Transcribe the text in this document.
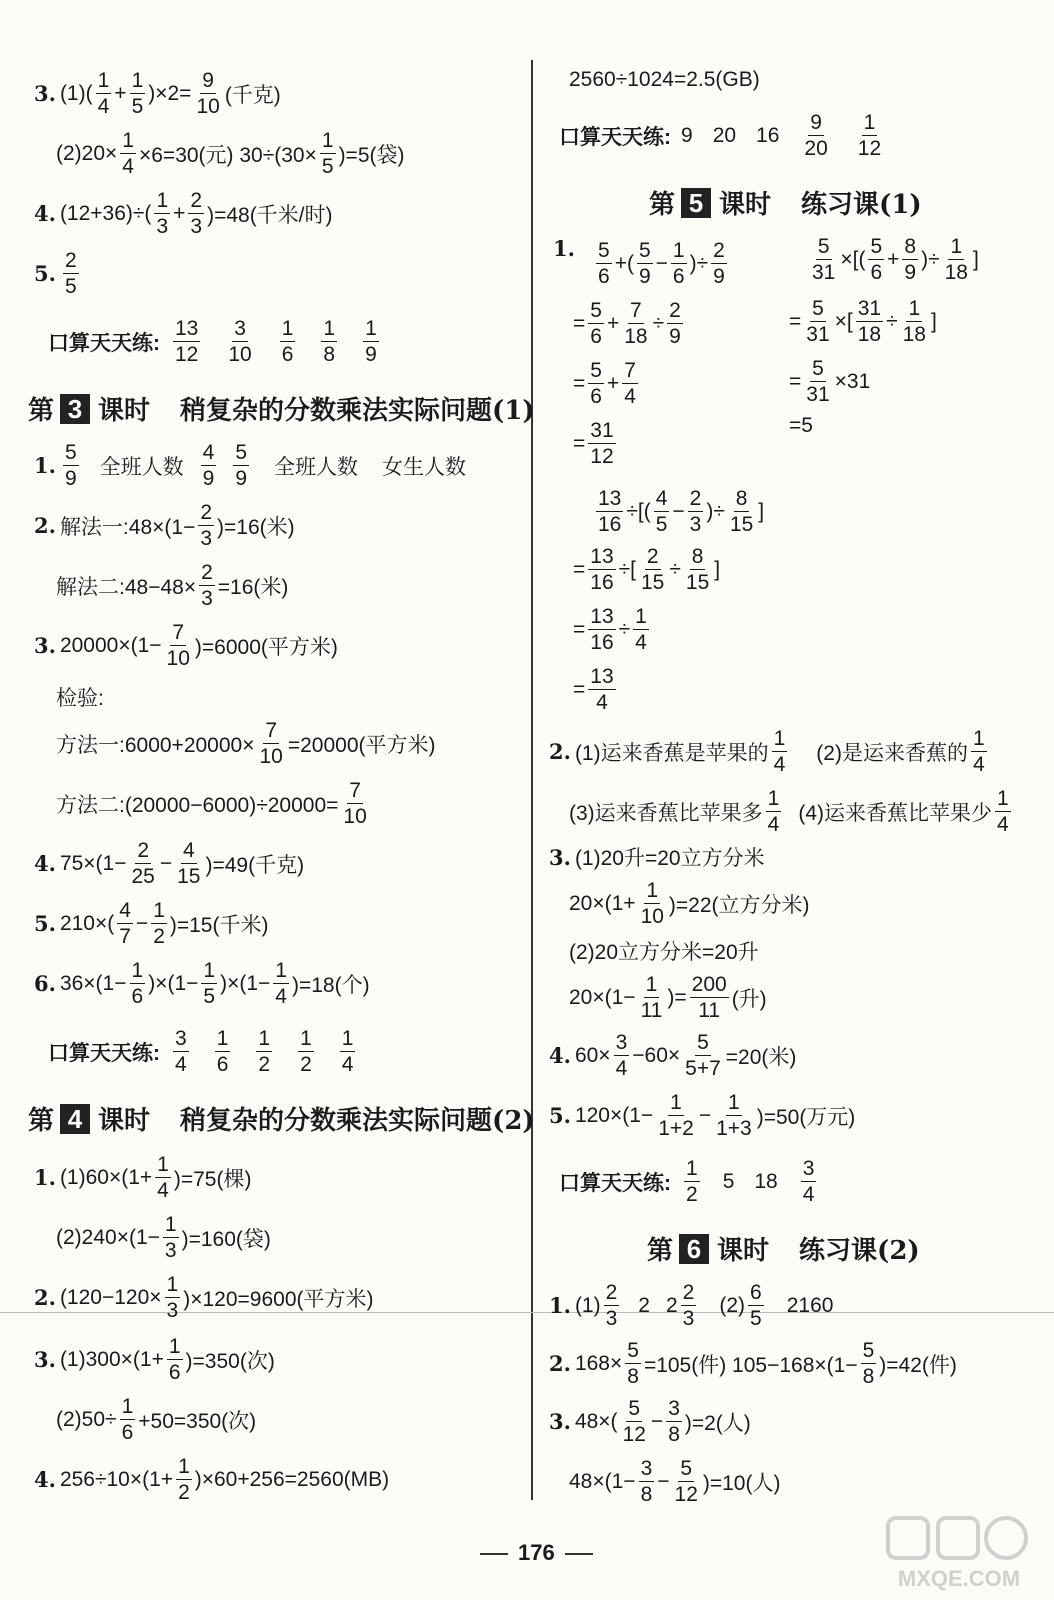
3. $(1)( \frac{1}{4} + \frac{1}{5} )\times 2= \frac{9}{10}$ (千克)
$(2)20\times \frac{1}{4} \times 6=30$(元) $30\div(30\times \frac{1}{5} )=5$(袋)
4. $(12+36)\div( \frac{1}{3} + \frac{2}{3} )=48$(千米/时)
5. $\frac{2}{5}$
口算天天练: $\frac{13}{12} \frac{3}{10} \frac{1}{6} \frac{1}{8} \frac{1}{9}$
第 3 课时 稍复杂的分数乘法实际问题(1)
1. $\frac{5}{9}$ 全班人数 $\frac{4}{9} \frac{5}{9}$ 全班人数 女生人数
2. 解法一:48×(1− $\frac{2}{3} )=16$(米)
解法二:48−48× $\frac{2}{3} =16$(米)
3. $20000\times(1- \frac{7}{10} )=6000$(平方米)
检验:
方法一:6000+20000× $\frac{7}{10} =20000$(平方米)
方法二:(20000−6000)÷20000= $\frac{7}{10}$
4. $75\times(1- \frac{2}{25} - \frac{4}{15} )=49$(千克)
5. $210\times( \frac{4}{7} - \frac{1}{2} )=15$(千米)
6. $36\times(1- \frac{1}{6} )\times(1- \frac{1}{5} )\times(1- \frac{1}{4} )=18$(个)
口算天天练: $\frac{3}{4} \frac{1}{6} \frac{1}{2} \frac{1}{2} \frac{1}{4}$
第 4 课时 稍复杂的分数乘法实际问题(2)
1. $(1)60\times(1+ \frac{1}{4} )=75$(棵)
$(2)240\times(1- \frac{1}{3} )=160$(袋)
2. $(120-120\times \frac{1}{3} )\times 120=9600$(平方米)
3. $(1)300\times(1+ \frac{1}{6} )=350$(次)
$(2)50\div \frac{1}{6} +50=350$(次)
4. $256\div 10\times(1+ \frac{1}{2} )\times 60+256=2560(MB)$
2560÷1024=2.5(GB)
口算天天练: 9 20 $16 \frac{9}{20} \frac{1}{12}$
第 5 课时 练习课(1)
1. $\frac{5}{6}$ + ( $\frac{5}{9} - \frac{1}{6}$ ) ÷ $\frac{2}{9}$
= $\frac{5}{6} + \frac{7}{18} \div \frac{2}{9}$
= $\frac{5}{6} + \frac{7}{4}$
= $\frac{31}{12}$
$\frac{5}{31}$ × [( $\frac{5}{6} + \frac{8}{9}$ ) ÷ $\frac{1}{18}$ ]
= $\frac{5}{31}$ × [ $\frac{31}{18} \div \frac{1}{18}$ ]
= $\frac{5}{31} \times 31$
=5
$\frac{13}{16}$ ÷ [( $\frac{4}{5} - \frac{2}{3}$ ) ÷ $\frac{8}{15}$ ]
= $\frac{13}{16}$ ÷ [ $\frac{2}{15} \div \frac{8}{15}$ ]
= $\frac{13}{16} \div \frac{1}{4}$
= $\frac{13}{4}$
2. (1)运来香蕉是苹果的 $\frac{1}{4} (2)$是运来香蕉的 $\frac{1}{4}$
(3)运来香蕉比苹果多 $\frac{1}{4} (4)$运来香蕉比苹果少 $\frac{1}{4}$
3. (1)20升=20立方分米
$20\times(1+ \frac{1}{10} )=22$(立方分米)
(2)20立方分米=20升
$20\times(1- \frac{1}{11}$ )= $\frac{200}{11}$ (升)
4. $60\times \frac{3}{4} -60\times \frac{5}{5+7} =20$(米)
5. $120\times(1- \frac{1}{1+2} - \frac{1}{1+3} )=50$(万元)
口算天天练: $\frac{1}{2} 5$ $18 \frac{3}{4}$
第 6 课时 练习课(2)
1. $(1) \frac{2}{3} 2$ $2 \frac{2}{3} (2) \frac{6}{5} 2160$
2. $168\times \frac{5}{8} =105$(件) $105-168\times(1- \frac{5}{8} )=42$(件)
3. $48\times( \frac{5}{12} - \frac{3}{8} )=2$(人)
$48\times(1- \frac{3}{8} - \frac{5}{12} )=10$(人)
176
MXQE.COM
